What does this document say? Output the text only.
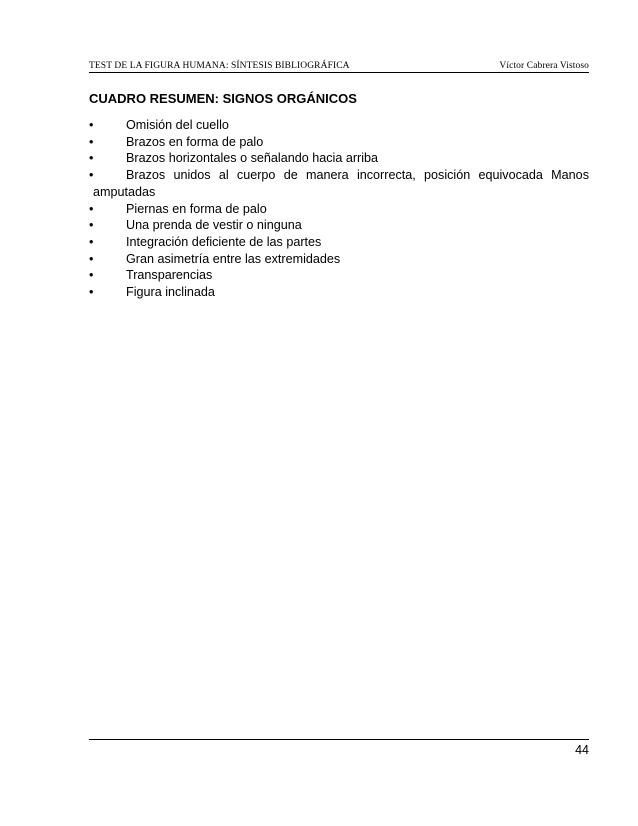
TEST DE LA FIGURA HUMANA: SÍNTESIS BIBLIOGRÁFICA	Víctor Cabrera Vistoso
CUADRO RESUMEN: SIGNOS ORGÁNICOS
•	Omisión del cuello
•	Brazos en forma de palo
•	Brazos horizontales o señalando hacia arriba
•	Brazos unidos al cuerpo de manera incorrecta, posición equivocada Manos amputadas
•	Piernas en forma de palo
•	Una prenda de vestir o ninguna
•	Integración deficiente de las partes
•	Gran asimetría entre las extremidades
•	Transparencias
•	Figura inclinada
44
